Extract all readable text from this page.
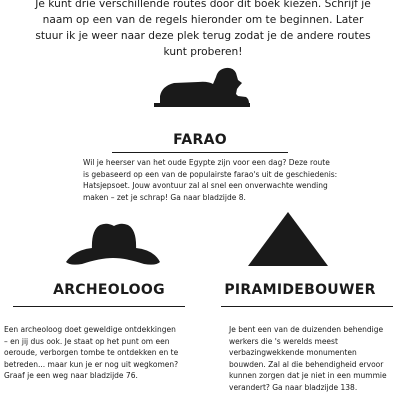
Je kunt drie verschillende routes door dit boek kiezen. Schrijf je naam op een van de regels hieronder om te beginnen. Later stuur ik je weer naar deze plek terug zodat je de andere routes kunt proberen!

FARAO

Wil je heerser van het oude Egypte zijn voor een dag? Deze route is gebaseerd op een van de populairste farao's uit de geschiedenis: Hatsjepsoet. Jouw avontuur zal al snel een onverwachte wending maken – zet je schrap! Ga naar bladzijde 8.

ARCHEOLOOG	PIRAMIDEBOUWER

Een archeoloog doet geweldige ontdekkingen – en jij dus ook. Je staat op het punt om een oeroude, verborgen tombe te ontdekken en te betreden... maar kun je er nog uit wegkomen? Graaf je een weg naar bladzijde 76.

Je bent een van de duizenden behendige werkers die 's werelds meest verbazingwekkende monumenten bouwden. Zal al die behendigheid ervoor kunnen zorgen dat je niet in een mummie verandert? Ga naar bladzijde 138.
